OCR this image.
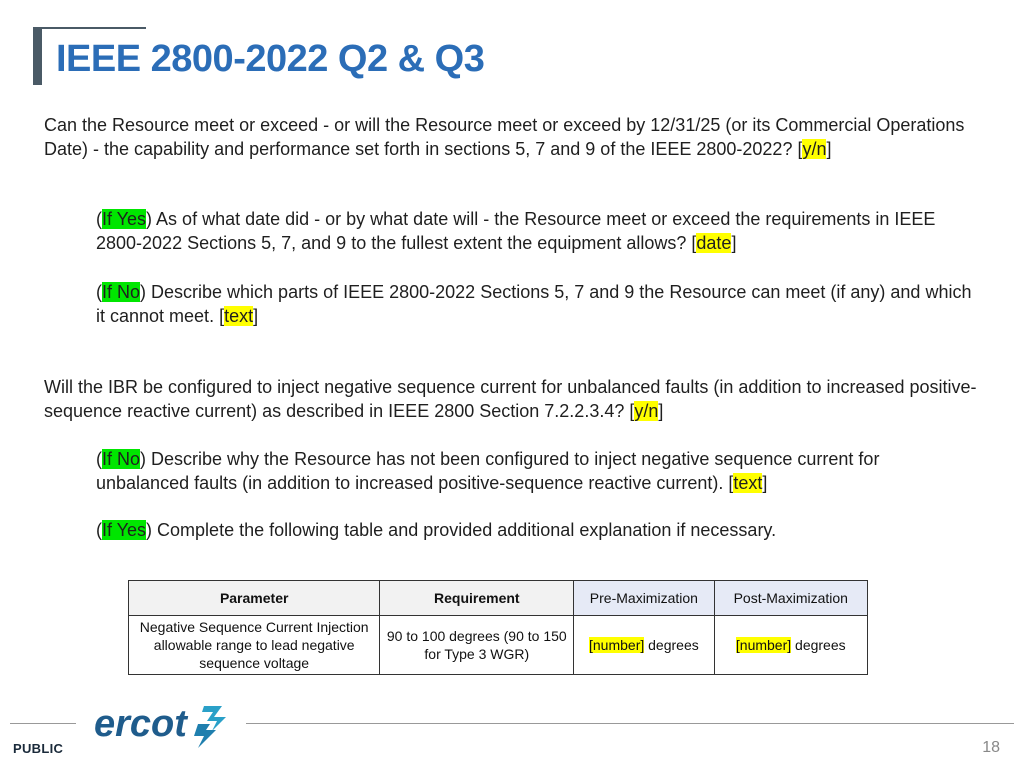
IEEE 2800-2022 Q2 & Q3

Can the Resource meet or exceed - or will the Resource meet or exceed by 12/31/25 (or its Commercial Operations Date) - the capability and performance set forth in sections 5, 7 and 9 of the IEEE 2800-2022? [y/n]

(If Yes) As of what date did - or by what date will - the Resource meet or exceed the requirements in IEEE 2800-2022 Sections 5, 7, and 9 to the fullest extent the equipment allows? [date]

(If No) Describe which parts of IEEE 2800-2022 Sections 5, 7 and 9 the Resource can meet (if any) and which it cannot meet. [text]

Will the IBR be configured to inject negative sequence current for unbalanced faults (in addition to increased positive-sequence reactive current) as described in IEEE 2800 Section 7.2.2.3.4? [y/n]

(If No) Describe why the Resource has not been configured to inject negative sequence current for unbalanced faults (in addition to increased positive-sequence reactive current). [text]

(If Yes) Complete the following table and provided additional explanation if necessary.

Parameter	Requirement	Pre-Maximization	Post-Maximization
Negative Sequence Current Injection allowable range to lead negative sequence voltage	90 to 100 degrees (90 to 150 for Type 3 WGR)	[number] degrees	[number] degrees
ercot
PUBLIC	18
